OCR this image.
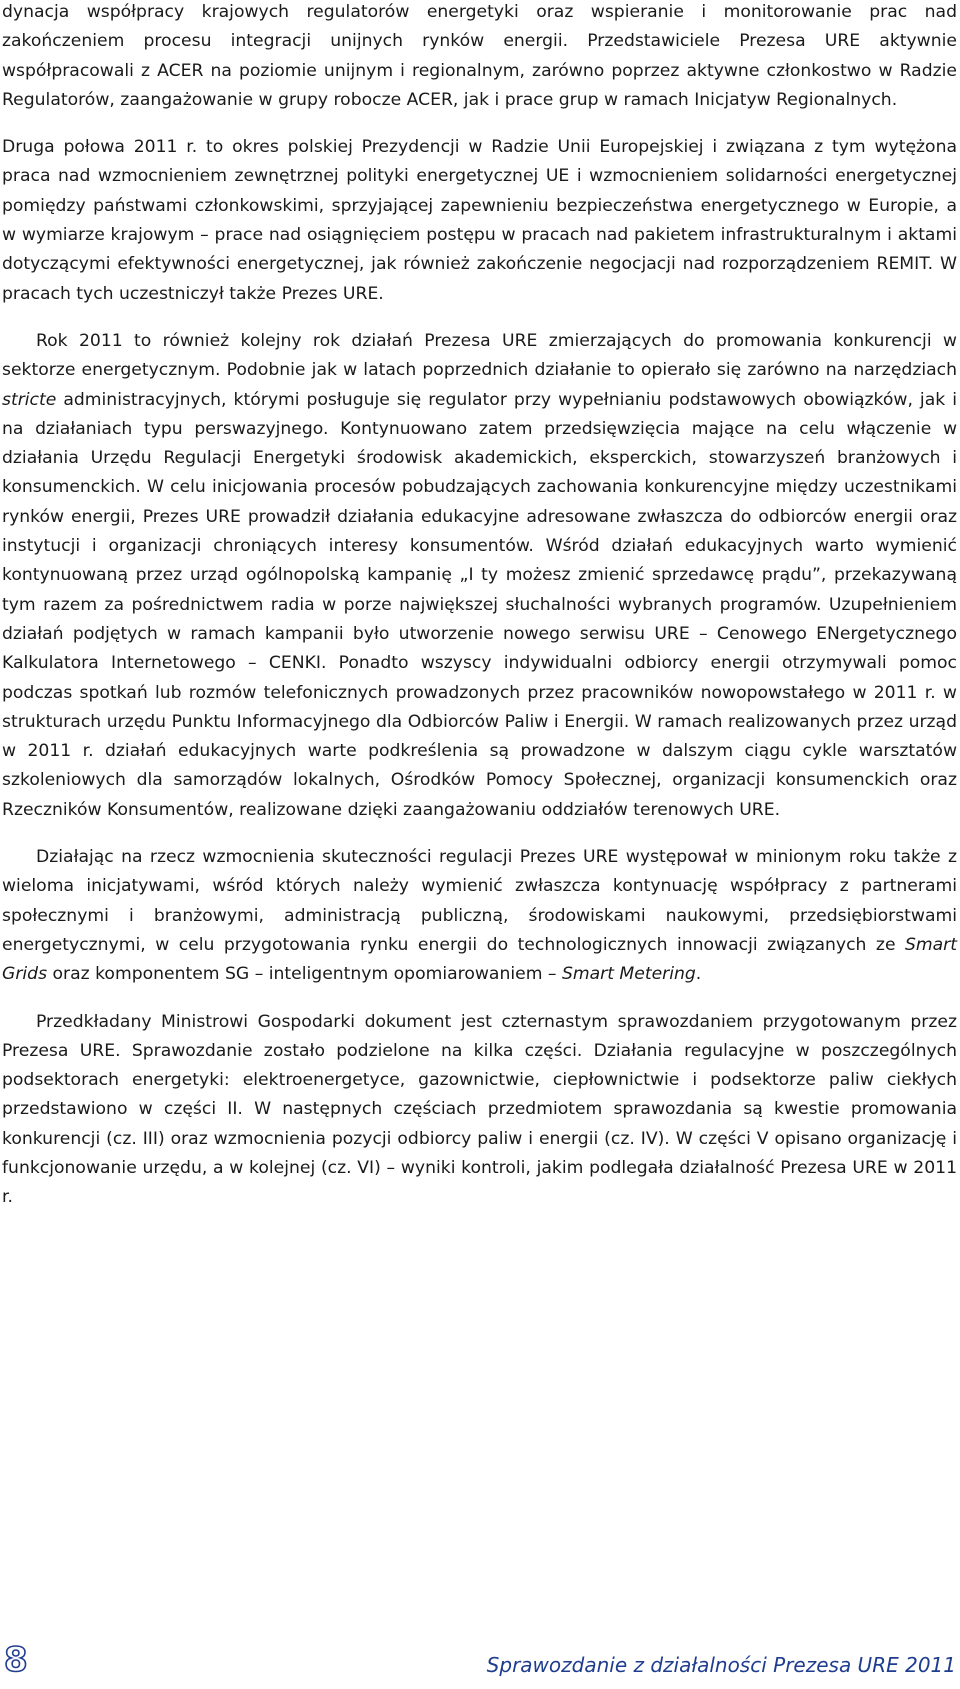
dynacja współpracy krajowych regulatorów energetyki oraz wspieranie i monitorowanie prac nad zakończeniem procesu integracji unijnych rynków energii. Przedstawiciele Prezesa URE aktywnie współpracowali z ACER na poziomie unijnym i regionalnym, zarówno poprzez aktywne członkostwo w Radzie Regulatorów, zaangażowanie w grupy robocze ACER, jak i prace grup w ramach Inicjatyw Regionalnych.

Druga połowa 2011 r. to okres polskiej Prezydencji w Radzie Unii Europejskiej i związana z tym wytężona praca nad wzmocnieniem zewnętrznej polityki energetycznej UE i wzmocnieniem solidarności energetycznej pomiędzy państwami członkowskimi, sprzyjającej zapewnieniu bezpieczeństwa energetycznego w Europie, a w wymiarze krajowym – prace nad osiągnięciem postępu w pracach nad pakietem infrastrukturalnym i aktami dotyczącymi efektywności energetycznej, jak również zakończenie negocjacji nad rozporządzeniem REMIT. W pracach tych uczestniczył także Prezes URE.

Rok 2011 to również kolejny rok działań Prezesa URE zmierzających do promowania konkurencji w sektorze energetycznym. Podobnie jak w latach poprzednich działanie to opierało się zarówno na narzędziach stricte administracyjnych, którymi posługuje się regulator przy wypełnianiu podstawowych obowiązków, jak i na działaniach typu perswazyjnego. Kontynuowano zatem przedsięwzięcia mające na celu włączenie w działania Urzędu Regulacji Energetyki środowisk akademickich, eksperckich, stowarzyszeń branżowych i konsumenckich. W celu inicjowania procesów pobudzających zachowania konkurencyjne między uczestnikami rynków energii, Prezes URE prowadził działania edukacyjne adresowane zwłaszcza do odbiorców energii oraz instytucji i organizacji chroniących interesy konsumentów. Wśród działań edukacyjnych warto wymienić kontynuowaną przez urząd ogólnopolską kampanię „I ty możesz zmienić sprzedawcę prądu”, przekazywaną tym razem za pośrednictwem radia w porze największej słuchalności wybranych programów. Uzupełnieniem działań podjętych w ramach kampanii było utworzenie nowego serwisu URE – Cenowego ENergetycznego Kalkulatora Internetowego – CENKI. Ponadto wszyscy indywidualni odbiorcy energii otrzymywali pomoc podczas spotkań lub rozmów telefonicznych prowadzonych przez pracowników nowopowstałego w 2011 r. w strukturach urzędu Punktu Informacyjnego dla Odbiorców Paliw i Energii. W ramach realizowanych przez urząd w 2011 r. działań edukacyjnych warte podkreślenia są prowadzone w dalszym ciągu cykle warsztatów szkoleniowych dla samorządów lokalnych, Ośrodków Pomocy Społecznej, organizacji konsumenckich oraz Rzeczników Konsumentów, realizowane dzięki zaangażowaniu oddziałów terenowych URE.

Działając na rzecz wzmocnienia skuteczności regulacji Prezes URE występował w minionym roku także z wieloma inicjatywami, wśród których należy wymienić zwłaszcza kontynuację współpracy z partnerami społecznymi i branżowymi, administracją publiczną, środowiskami naukowymi, przedsiębiorstwami energetycznymi, w celu przygotowania rynku energii do technologicznych innowacji związanych ze Smart Grids oraz komponentem SG – inteligentnym opomiarowaniem – Smart Metering.

Przedkładany Ministrowi Gospodarki dokument jest czternastym sprawozdaniem przygotowanym przez Prezesa URE. Sprawozdanie zostało podzielone na kilka części. Działania regulacyjne w poszczególnych podsektorach energetyki: elektroenergetyce, gazownictwie, ciepłownictwie i podsektorze paliw ciekłych przedstawiono w części II. W następnych częściach przedmiotem sprawozdania są kwestie promowania konkurencji (cz. III) oraz wzmocnienia pozycji odbiorcy paliw i energii (cz. IV). W części V opisano organizację i funkcjonowanie urzędu, a w kolejnej (cz. VI) – wyniki kontroli, jakim podlegała działalność Prezesa URE w 2011 r.

8	Sprawozdanie z działalności Prezesa URE 2011
